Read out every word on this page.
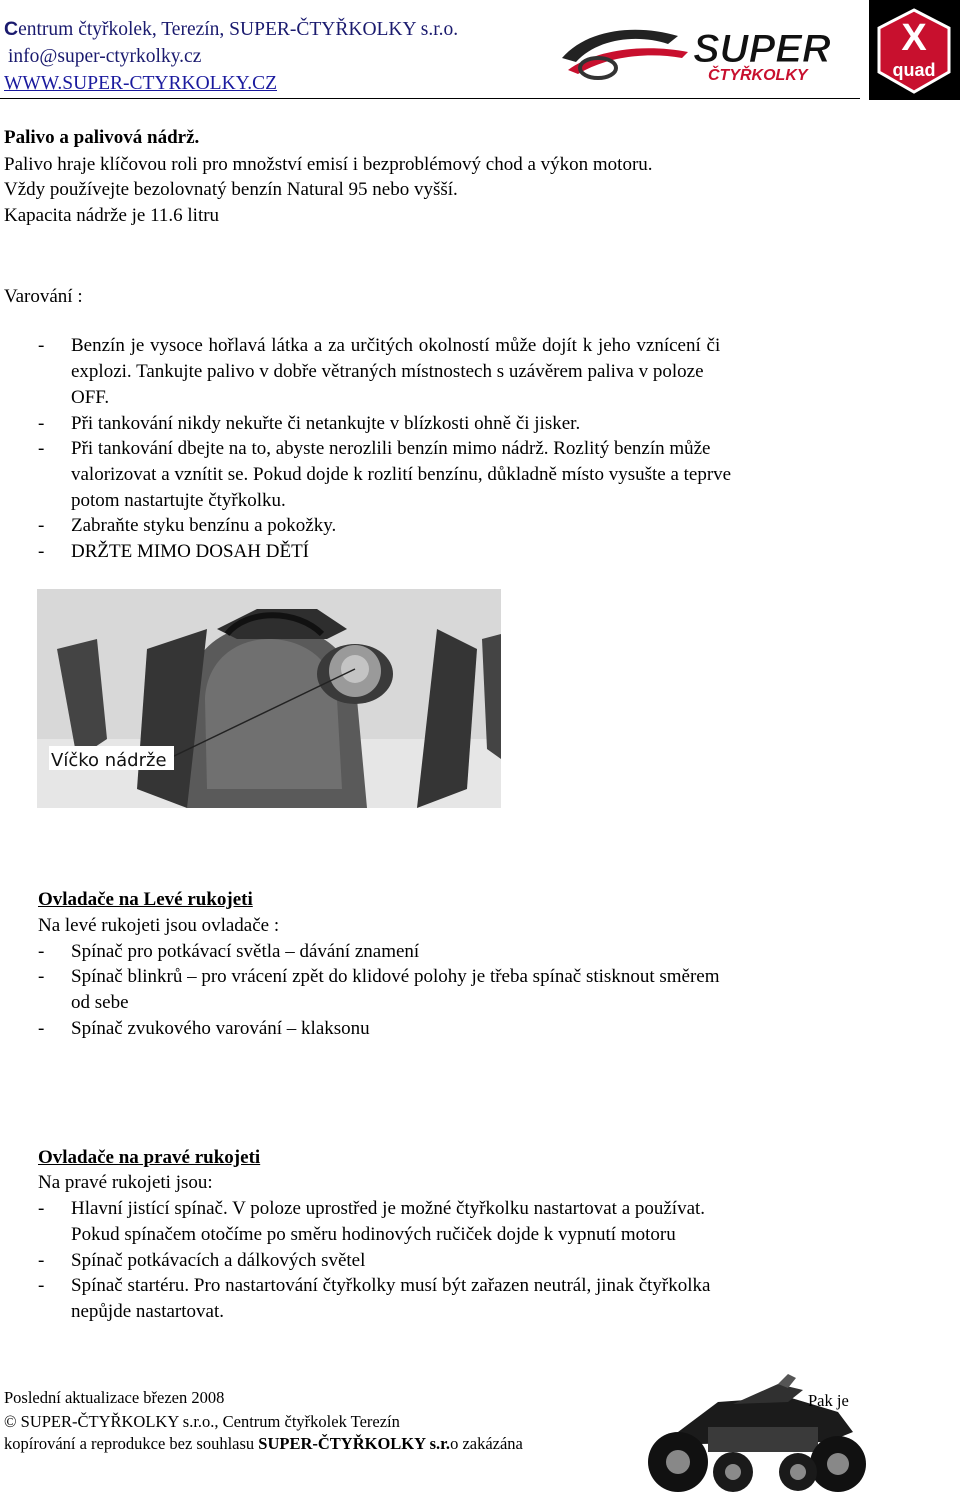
Centrum čtyřkolek, Terezín, SUPER-ČTYŘKOLKY s.r.o.
info@super-ctyrkolky.cz
WWW.SUPER-CTYRKOLKY.CZ
SUPER
ČTYŘKOLKY
X
quad
Palivo a palivová nádrž.
Palivo hraje klíčovou roli pro množství emisí i bezproblémový chod a výkon motoru.
Vždy používejte bezolovnatý benzín Natural 95 nebo vyšší.
Kapacita nádrže je 11.6 litru
Varování :
- Benzín je vysoce hořlavá látka a za určitých okolností může dojít k jeho vznícení či
explozi. Tankujte palivo v dobře větraných místnostech s uzávěrem paliva v poloze
OFF.
- Při tankování nikdy nekuřte či netankujte v blízkosti ohně či jisker.
- Při tankování dbejte na to, abyste nerozlili benzín mimo nádrž. Rozlitý benzín může
valorizovat a vznítit se. Pokud dojde k rozlití benzínu, důkladně místo vysušte a teprve
potom nastartujte čtyřkolku.
- Zabraňte styku benzínu a pokožky.
- DRŽTE MIMO DOSAH DĚTÍ
Víčko nádrže
Ovladače na Levé rukojeti
Na levé rukojeti jsou ovladače :
- Spínač pro potkávací světla – dávání znamení
- Spínač blinkrů – pro vrácení zpět do klidové polohy je třeba spínač stisknout směrem
od sebe
- Spínač zvukového varování – klaksonu
Ovladače na pravé rukojeti
Na pravé rukojeti jsou:
- Hlavní jistící spínač. V poloze uprostřed je možné čtyřkolku nastartovat a používat.
Pokud spínačem otočíme po směru hodinových ručiček dojde k vypnutí motoru
- Spínač potkávacích a dálkových světel
- Spínač startéru. Pro nastartování čtyřkolky musí být zařazen neutrál, jinak čtyřkolka
nepůjde nastartovat.
Poslední aktualizace březen 2008
© SUPER-ČTYŘKOLKY s.r.o., Centrum čtyřkolek Terezín
kopírování a reprodukce bez souhlasu SUPER-ČTYŘKOLKY s.r.o zakázána
Pak je
